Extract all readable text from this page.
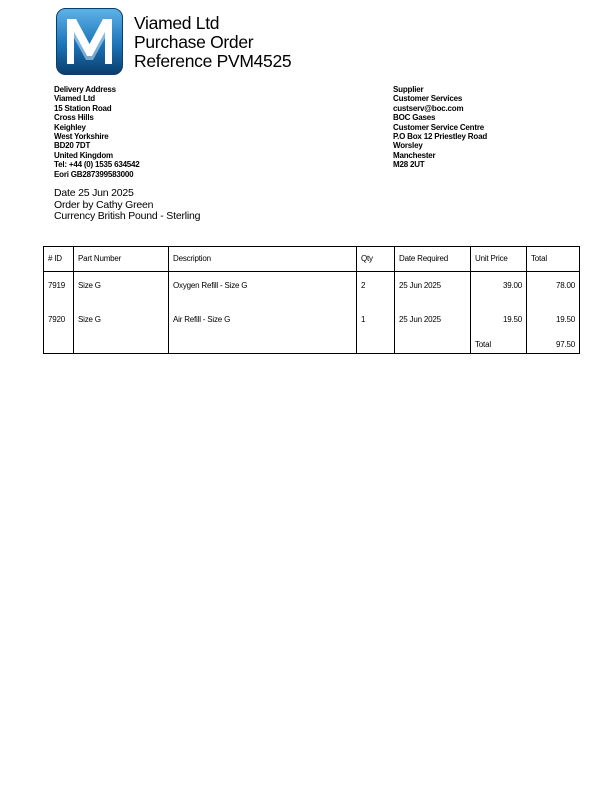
Viamed Ltd
Purchase Order
Reference PVM4525
Delivery Address
Viamed Ltd
15 Station Road
Cross Hills
Keighley
West Yorkshire
BD20 7DT
United Kingdom
Tel: +44 (0) 1535 634542
Eori GB287399583000
Supplier
Customer Services
custserv@boc.com
BOC Gases
Customer Service Centre
P.O Box 12 Priestley Road
Worsley
Manchester
M28 2UT
Date 25 Jun 2025
Order by Cathy Green
Currency British Pound - Sterling
# ID	Part Number	Description	Qty	Date Required	Unit Price	Total
7919	Size G	Oxygen Refill - Size G	2	25 Jun 2025	39.00	78.00
7920	Size G	Air Refill - Size G	1	25 Jun 2025	19.50	19.50
					Total	97.50
